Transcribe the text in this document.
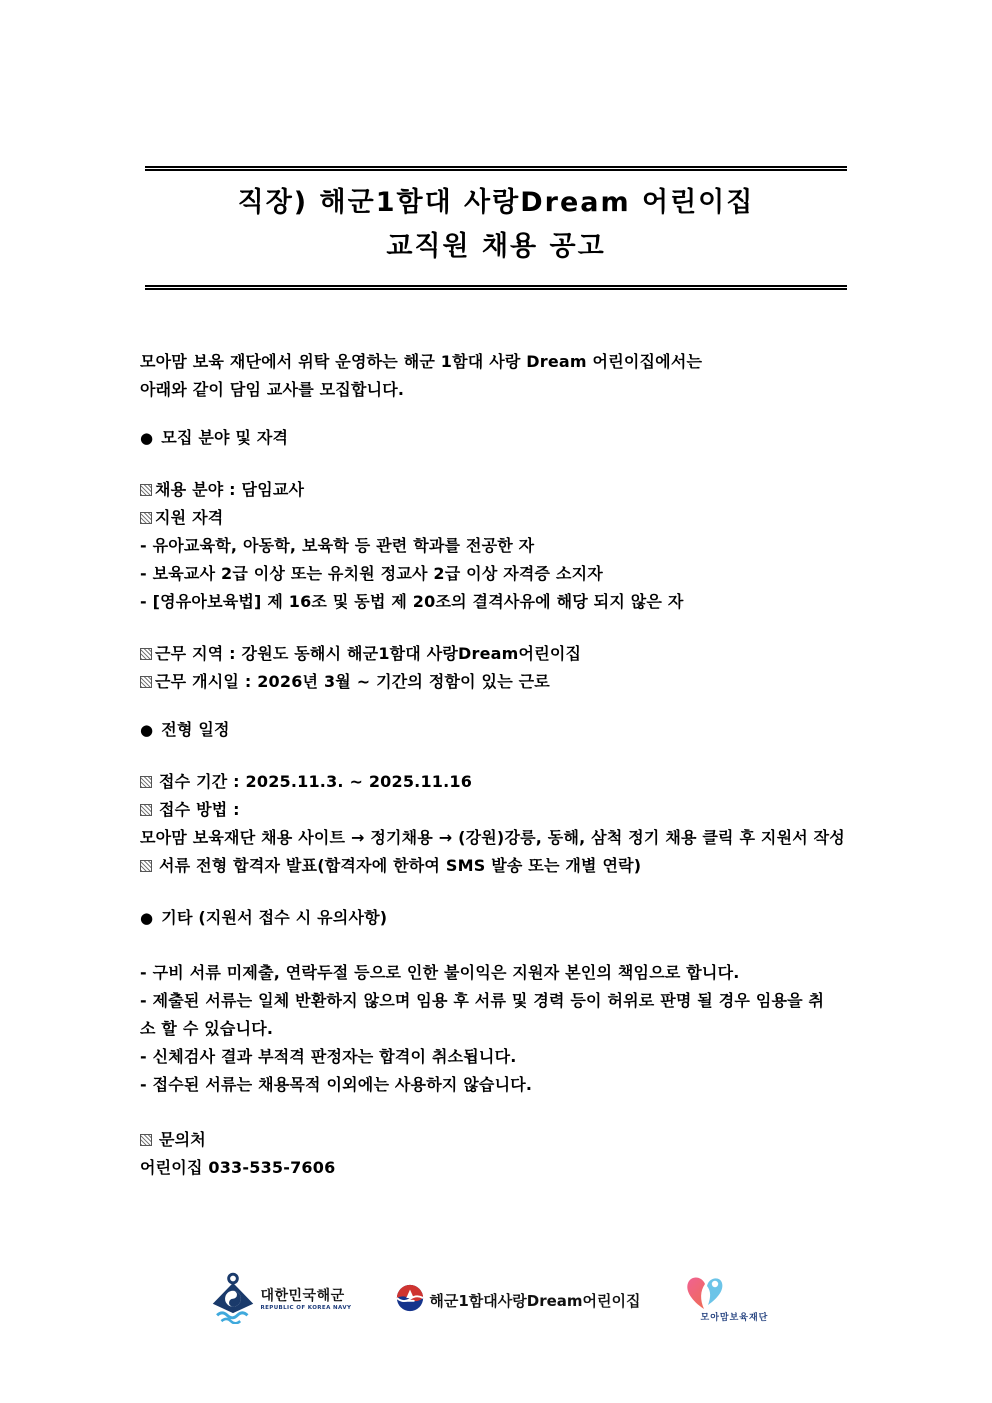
직장) 해군1함대 사랑Dream 어린이집
교직원 채용 공고
모아맘 보육 재단에서 위탁 운영하는 해군 1함대 사랑 Dream 어린이집에서는
아래와 같이 담임 교사를 모집합니다.
● 모집 분야 및 자격
채용 분야 : 담임교사
지원 자격
- 유아교육학, 아동학, 보육학 등 관련 학과를 전공한 자
- 보육교사 2급 이상 또는 유치원 정교사 2급 이상 자격증 소지자
- [영유아보육법] 제 16조 및 동법 제 20조의 결격사유에 해당 되지 않은 자
근무 지역 : 강원도 동해시 해군1함대 사랑Dream어린이집
근무 개시일 : 2026년 3월 ~ 기간의 정함이 있는 근로
● 전형 일정
접수 기간 : 2025.11.3. ~ 2025.11.16
접수 방법 :
모아맘 보육재단 채용 사이트 → 정기채용 → (강원)강릉, 동해, 삼척 정기 채용 클릭 후 지원서 작성
서류 전형 합격자 발표(합격자에 한하여 SMS 발송 또는 개별 연락)
● 기타 (지원서 접수 시 유의사항)
- 구비 서류 미제출, 연락두절 등으로 인한 불이익은 지원자 본인의 책임으로 합니다.
- 제출된 서류는 일체 반환하지 않으며 임용 후 서류 및 경력 등이 허위로 판명 될 경우 임용을 취
소 할 수 있습니다.
- 신체검사 결과 부적격 판정자는 합격이 취소됩니다.
- 접수된 서류는 채용목적 이외에는 사용하지 않습니다.
문의처
어린이집 033-535-7606
대한민국해군
REPUBLIC OF KOREA NAVY	해군1함대사랑Dream어린이집
모아맘보육재단
